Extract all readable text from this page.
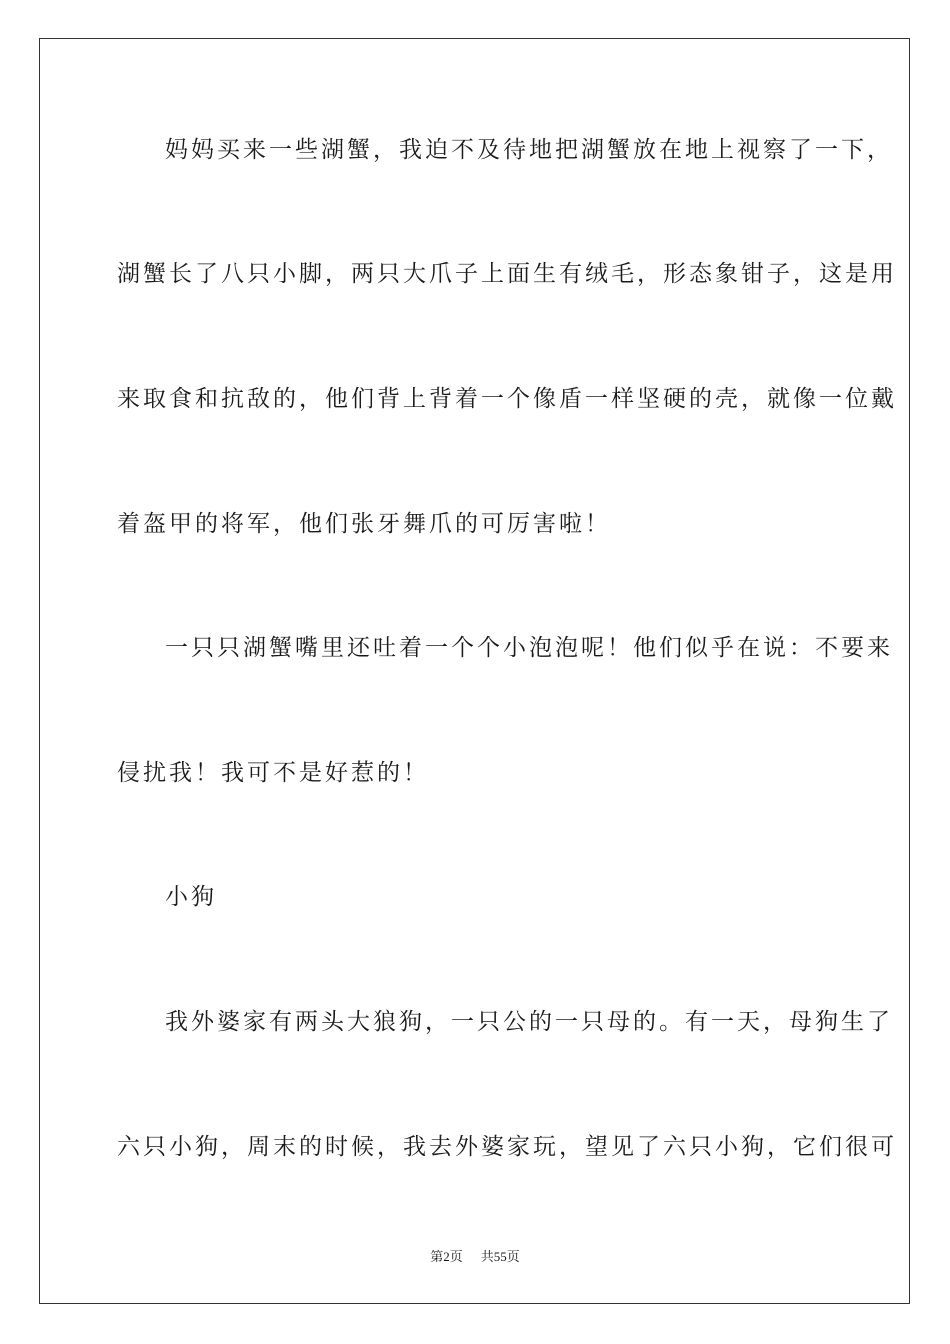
妈妈买来一些湖蟹，我迫不及待地把湖蟹放在地上视察了一下，
湖蟹长了八只小脚，两只大爪子上面生有绒毛，形态象钳子，这是用
来取食和抗敌的，他们背上背着一个像盾一样坚硬的壳，就像一位戴
着盔甲的将军，他们张牙舞爪的可厉害啦！
一只只湖蟹嘴里还吐着一个个小泡泡呢！他们似乎在说：不要来
侵扰我！我可不是好惹的！
小狗
我外婆家有两头大狼狗，一只公的一只母的。有一天，母狗生了
六只小狗，周末的时候，我去外婆家玩，望见了六只小狗，它们很可
第2页 共55页
